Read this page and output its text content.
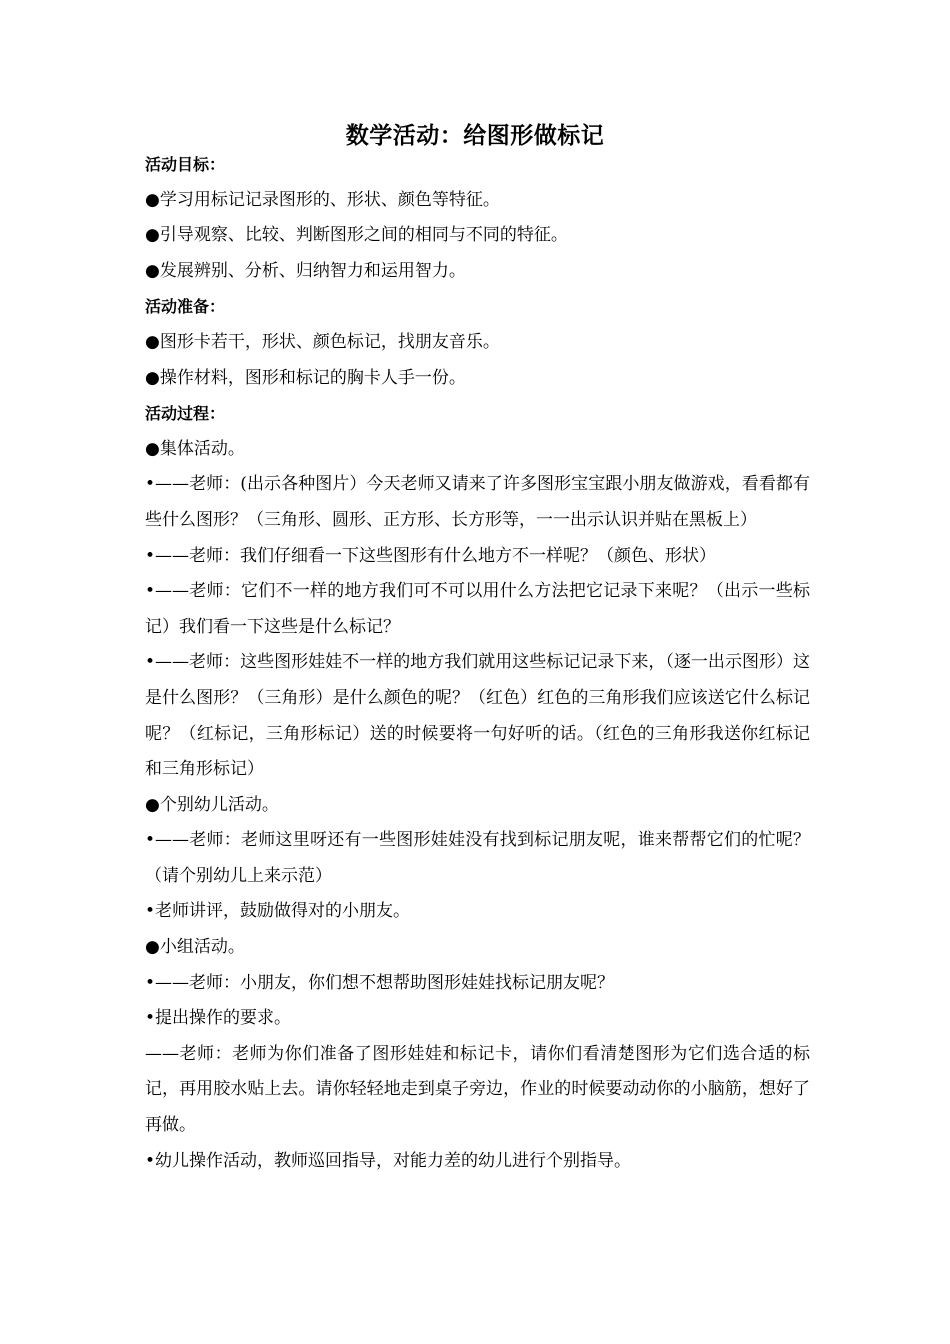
数学活动：给图形做标记
活动目标：
●学习用标记记录图形的、形状、颜色等特征。
●引导观察、比较、判断图形之间的相同与不同的特征。
●发展辨别、分析、归纳智力和运用智力。
活动准备：
●图形卡若干，形状、颜色标记，找朋友音乐。
●操作材料，图形和标记的胸卡人手一份。
活动过程：
●集体活动。
•——老师：(出示各种图片）今天老师又请来了许多图形宝宝跟小朋友做游戏，看看都有些什么图形？（三角形、圆形、正方形、长方形等，一一出示认识并贴在黑板上）
•——老师：我们仔细看一下这些图形有什么地方不一样呢？（颜色、形状）
•——老师：它们不一样的地方我们可不可以用什么方法把它记录下来呢？（出示一些标记）我们看一下这些是什么标记？
•——老师：这些图形娃娃不一样的地方我们就用这些标记记录下来，（逐一出示图形）这是什么图形？（三角形）是什么颜色的呢？（红色）红色的三角形我们应该送它什么标记呢？（红标记，三角形标记）送的时候要将一句好听的话。（红色的三角形我送你红标记和三角形标记）
●个别幼儿活动。
•——老师：老师这里呀还有一些图形娃娃没有找到标记朋友呢，谁来帮帮它们的忙呢？（请个别幼儿上来示范）
•老师讲评，鼓励做得对的小朋友。
●小组活动。
•——老师：小朋友，你们想不想帮助图形娃娃找标记朋友呢？
•提出操作的要求。
——老师：老师为你们准备了图形娃娃和标记卡，请你们看清楚图形为它们选合适的标记，再用胶水贴上去。请你轻轻地走到桌子旁边，作业的时候要动动你的小脑筋，想好了再做。
•幼儿操作活动，教师巡回指导，对能力差的幼儿进行个别指导。
